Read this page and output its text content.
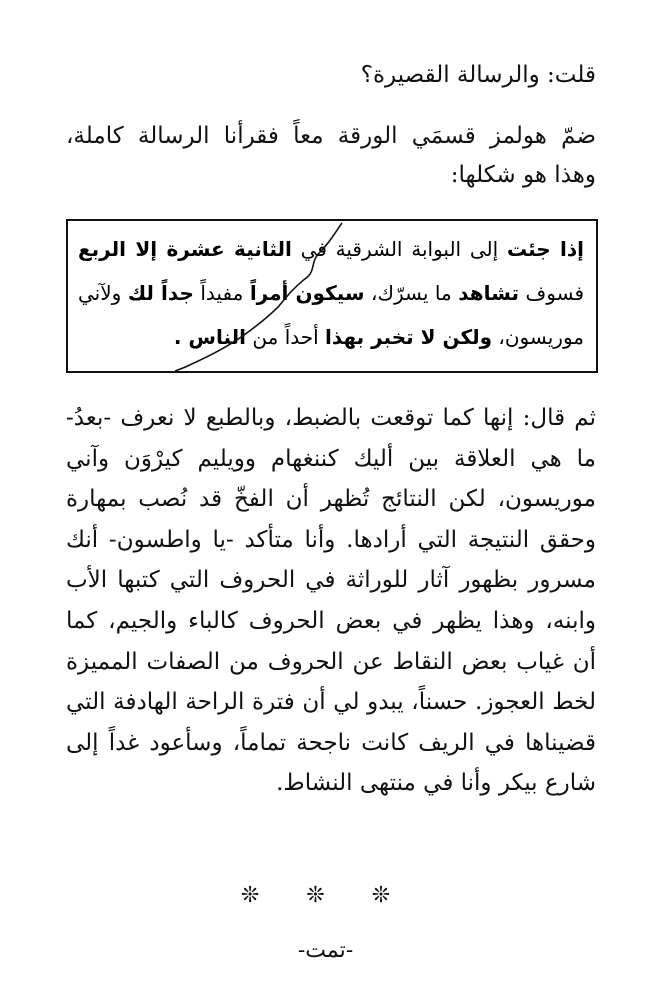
قلت: والرسالة القصيرة؟

ضمّ هولمز قسمَي الورقة معاً فقرأنا الرسالة كاملة، وهذا هو شكلها:

إذا جئت إلى البوابة الشرقية في الثانية عشرة إلا الربع فسوف تشاهد ما يسرّك، سيكون أمراً مفيداً جداً لك ولآني موريسون، ولكن لا تخبر بهذا أحداً من الناس .

ثم قال: إنها كما توقعت بالضبط، وبالطبع لا نعرف -بعدُ- ما هي العلاقة بين أليك كننغهام وويليم كيرْوَن وآني موريسون، لكن النتائج تُظهر أن الفخّ قد نُصب بمهارة وحقق النتيجة التي أرادها. وأنا متأكد -يا واطسون- أنك مسرور بظهور آثار للوراثة في الحروف التي كتبها الأب وابنه، وهذا يظهر في بعض الحروف كالباء والجيم، كما أن غياب بعض النقاط عن الحروف من الصفات المميزة لخط العجوز. حسناً، يبدو لي أن فترة الراحة الهادفة التي قضيناها في الريف كانت ناجحة تماماً، وسأعود غداً إلى شارع بيكر وأنا في منتهى النشاط.

❊ ❊ ❊

-تمت-
